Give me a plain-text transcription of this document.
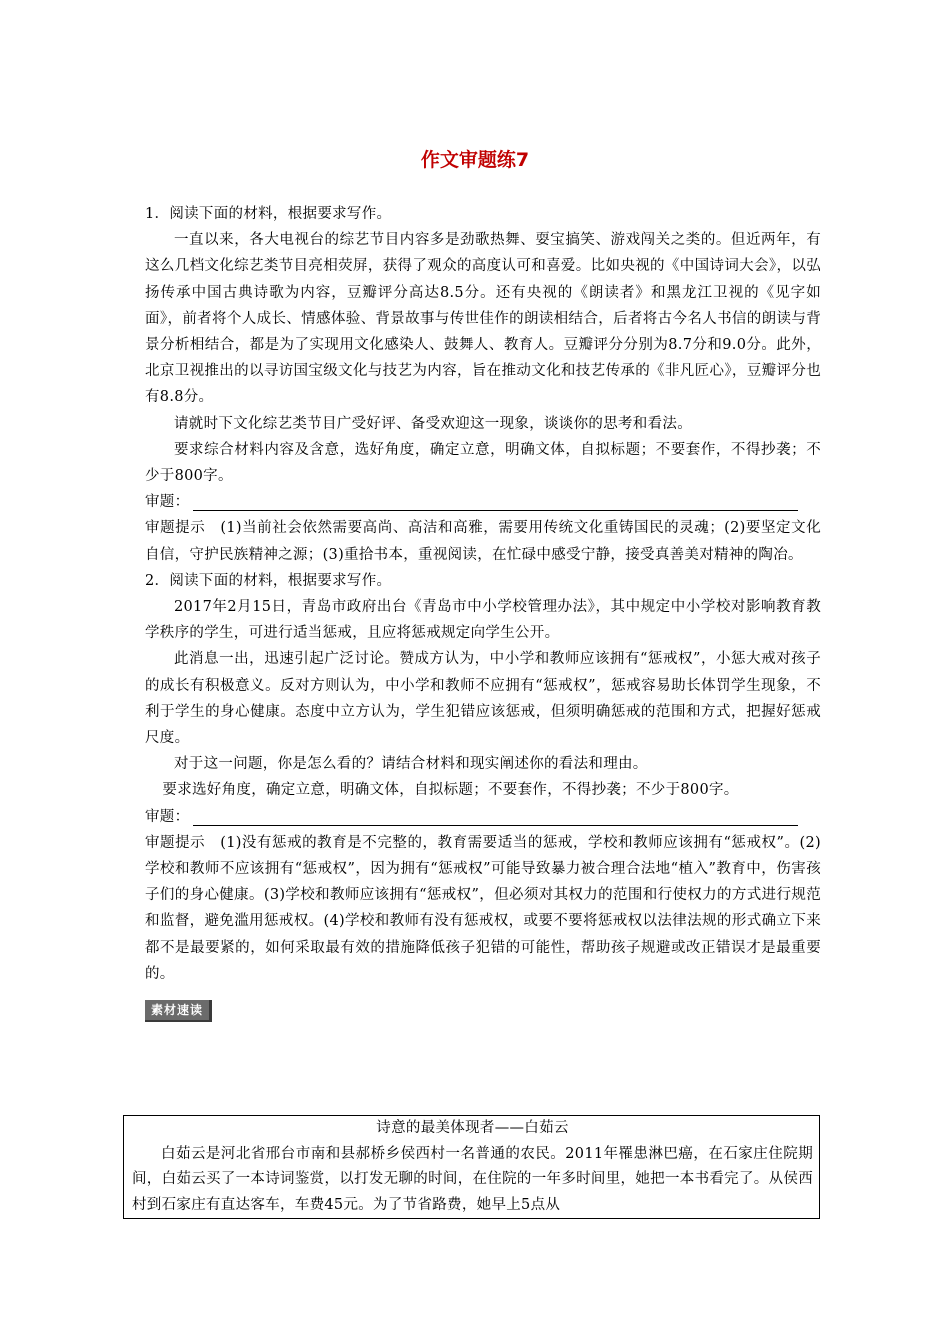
作文审题练7

1．阅读下面的材料，根据要求写作。

一直以来，各大电视台的综艺节目内容多是劲歌热舞、耍宝搞笑、游戏闯关之类的。但近两年，有这么几档文化综艺类节目亮相荧屏，获得了观众的高度认可和喜爱。比如央视的《中国诗词大会》，以弘扬传承中国古典诗歌为内容，豆瓣评分高达8.5分。还有央视的《朗读者》和黑龙江卫视的《见字如面》，前者将个人成长、情感体验、背景故事与传世佳作的朗读相结合，后者将古今名人书信的朗读与背景分析相结合，都是为了实现用文化感染人、鼓舞人、教育人。豆瓣评分分别为8.7分和9.0分。此外，北京卫视推出的以寻访国宝级文化与技艺为内容，旨在推动文化和技艺传承的《非凡匠心》，豆瓣评分也有8.8分。

请就时下文化综艺类节目广受好评、备受欢迎这一现象，谈谈你的思考和看法。

要求综合材料内容及含意，选好角度，确定立意，明确文体，自拟标题；不要套作，不得抄袭；不少于800字。

审题：

审题提示　(1)当前社会依然需要高尚、高洁和高雅，需要用传统文化重铸国民的灵魂；(2)要坚定文化自信，守护民族精神之源；(3)重拾书本，重视阅读，在忙碌中感受宁静，接受真善美对精神的陶冶。

2．阅读下面的材料，根据要求写作。

2017年2月15日，青岛市政府出台《青岛市中小学校管理办法》，其中规定中小学校对影响教育教学秩序的学生，可进行适当惩戒，且应将惩戒规定向学生公开。

此消息一出，迅速引起广泛讨论。赞成方认为，中小学和教师应该拥有“惩戒权”，小惩大戒对孩子的成长有积极意义。反对方则认为，中小学和教师不应拥有“惩戒权”，惩戒容易助长体罚学生现象，不利于学生的身心健康。态度中立方认为，学生犯错应该惩戒，但须明确惩戒的范围和方式，把握好惩戒尺度。

对于这一问题，你是怎么看的？请结合材料和现实阐述你的看法和理由。

要求选好角度，确定立意，明确文体，自拟标题；不要套作，不得抄袭；不少于800字。

审题：

审题提示　(1)没有惩戒的教育是不完整的，教育需要适当的惩戒，学校和教师应该拥有“惩戒权”。(2)学校和教师不应该拥有“惩戒权”，因为拥有“惩戒权”可能导致暴力被合理合法地“植入”教育中，伤害孩子们的身心健康。(3)学校和教师应该拥有“惩戒权”，但必须对其权力的范围和行使权力的方式进行规范和监督，避免滥用惩戒权。(4)学校和教师有没有惩戒权，或要不要将惩戒权以法律法规的形式确立下来都不是最要紧的，如何采取最有效的措施降低孩子犯错的可能性，帮助孩子规避或改正错误才是最重要的。

素材速读

诗意的最美体现者——白茹云

白茹云是河北省邢台市南和县郝桥乡侯西村一名普通的农民。2011年罹患淋巴癌，在石家庄住院期间，白茹云买了一本诗词鉴赏，以打发无聊的时间，在住院的一年多时间里，她把一本书看完了。从侯西村到石家庄有直达客车，车费45元。为了节省路费，她早上5点从
